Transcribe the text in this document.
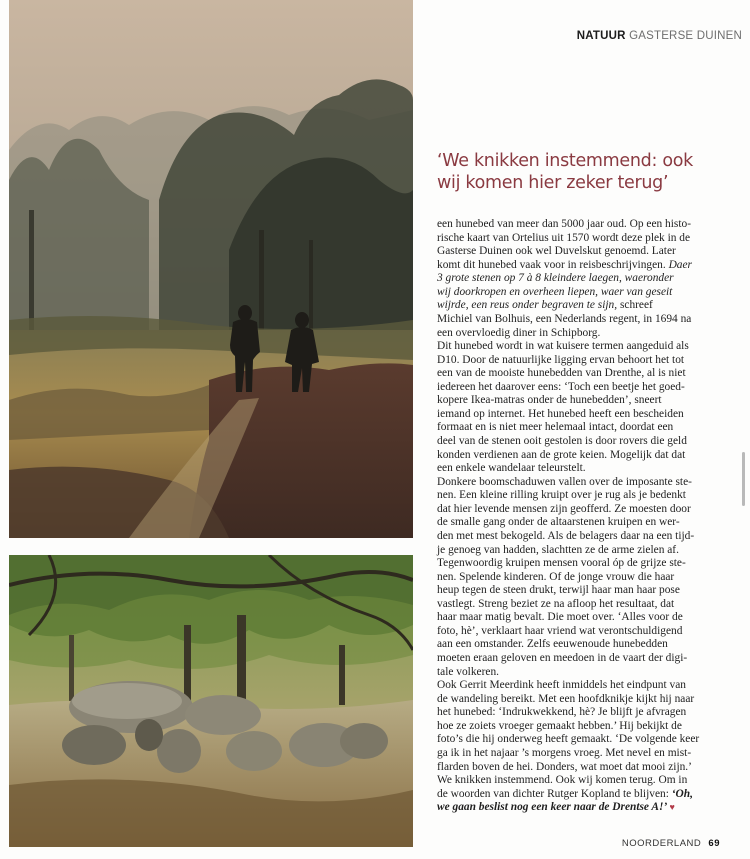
NATUUR GASTERSE DUINEN
‘We knikken instemmend: ook
wij komen hier zeker terug’
een hunebed van meer dan 5000 jaar oud. Op een histo-
rische kaart van Ortelius uit 1570 wordt deze plek in de
Gasterse Duinen ook wel Duvelskut genoemd. Later
komt dit hunebed vaak voor in reisbeschrijvingen. Daer
3 grote stenen op 7 à 8 kleindere laegen, waeronder
wij doorkropen en overheen liepen, waer van geseit
wijrde, een reus onder begraven te sijn, schreef
Michiel van Bolhuis, een Nederlands regent, in 1694 na
een overvloedig diner in Schipborg.
Dit hunebed wordt in wat kuisere termen aangeduid als
D10. Door de natuurlijke ligging ervan behoort het tot
een van de mooiste hunebedden van Drenthe, al is niet
iedereen het daarover eens: ‘Toch een beetje het goed-
kopere Ikea-matras onder de hunebedden’, sneert
iemand op internet. Het hunebed heeft een bescheiden
formaat en is niet meer helemaal intact, doordat een
deel van de stenen ooit gestolen is door rovers die geld
konden verdienen aan de grote keien. Mogelijk dat dat
een enkele wandelaar teleurstelt.
Donkere boomschaduwen vallen over de imposante ste-
nen. Een kleine rilling kruipt over je rug als je bedenkt
dat hier levende mensen zijn geofferd. Ze moesten door
de smalle gang onder de altaarstenen kruipen en wer-
den met mest bekogeld. Als de belagers daar na een tijd-
je genoeg van hadden, slachtten ze de arme zielen af.
Tegenwoordig kruipen mensen vooral óp de grijze ste-
nen. Spelende kinderen. Of de jonge vrouw die haar
heup tegen de steen drukt, terwijl haar man haar pose
vastlegt. Streng beziet ze na afloop het resultaat, dat
haar maar matig bevalt. Die moet over. ‘Alles voor de
foto, hè’, verklaart haar vriend wat verontschuldigend
aan een omstander. Zelfs eeuwenoude hunebedden
moeten eraan geloven en meedoen in de vaart der digi-
tale volkeren.
Ook Gerrit Meerdink heeft inmiddels het eindpunt van
de wandeling bereikt. Met een hoofdknikje kijkt hij naar
het hunebed: ‘Indrukwekkend, hè? Je blijft je afvragen
hoe ze zoiets vroeger gemaakt hebben.’ Hij bekijkt de
foto’s die hij onderweg heeft gemaakt. ‘De volgende keer
ga ik in het najaar ’s morgens vroeg. Met nevel en mist-
flarden boven de hei. Donders, wat moet dat mooi zijn.’
We knikken instemmend. Ook wij komen terug. Om in
de woorden van dichter Rutger Kopland te blijven: ‘Oh,
we gaan beslist nog een keer naar de Drentse A!’ ♥
NOORDERLAND 69
